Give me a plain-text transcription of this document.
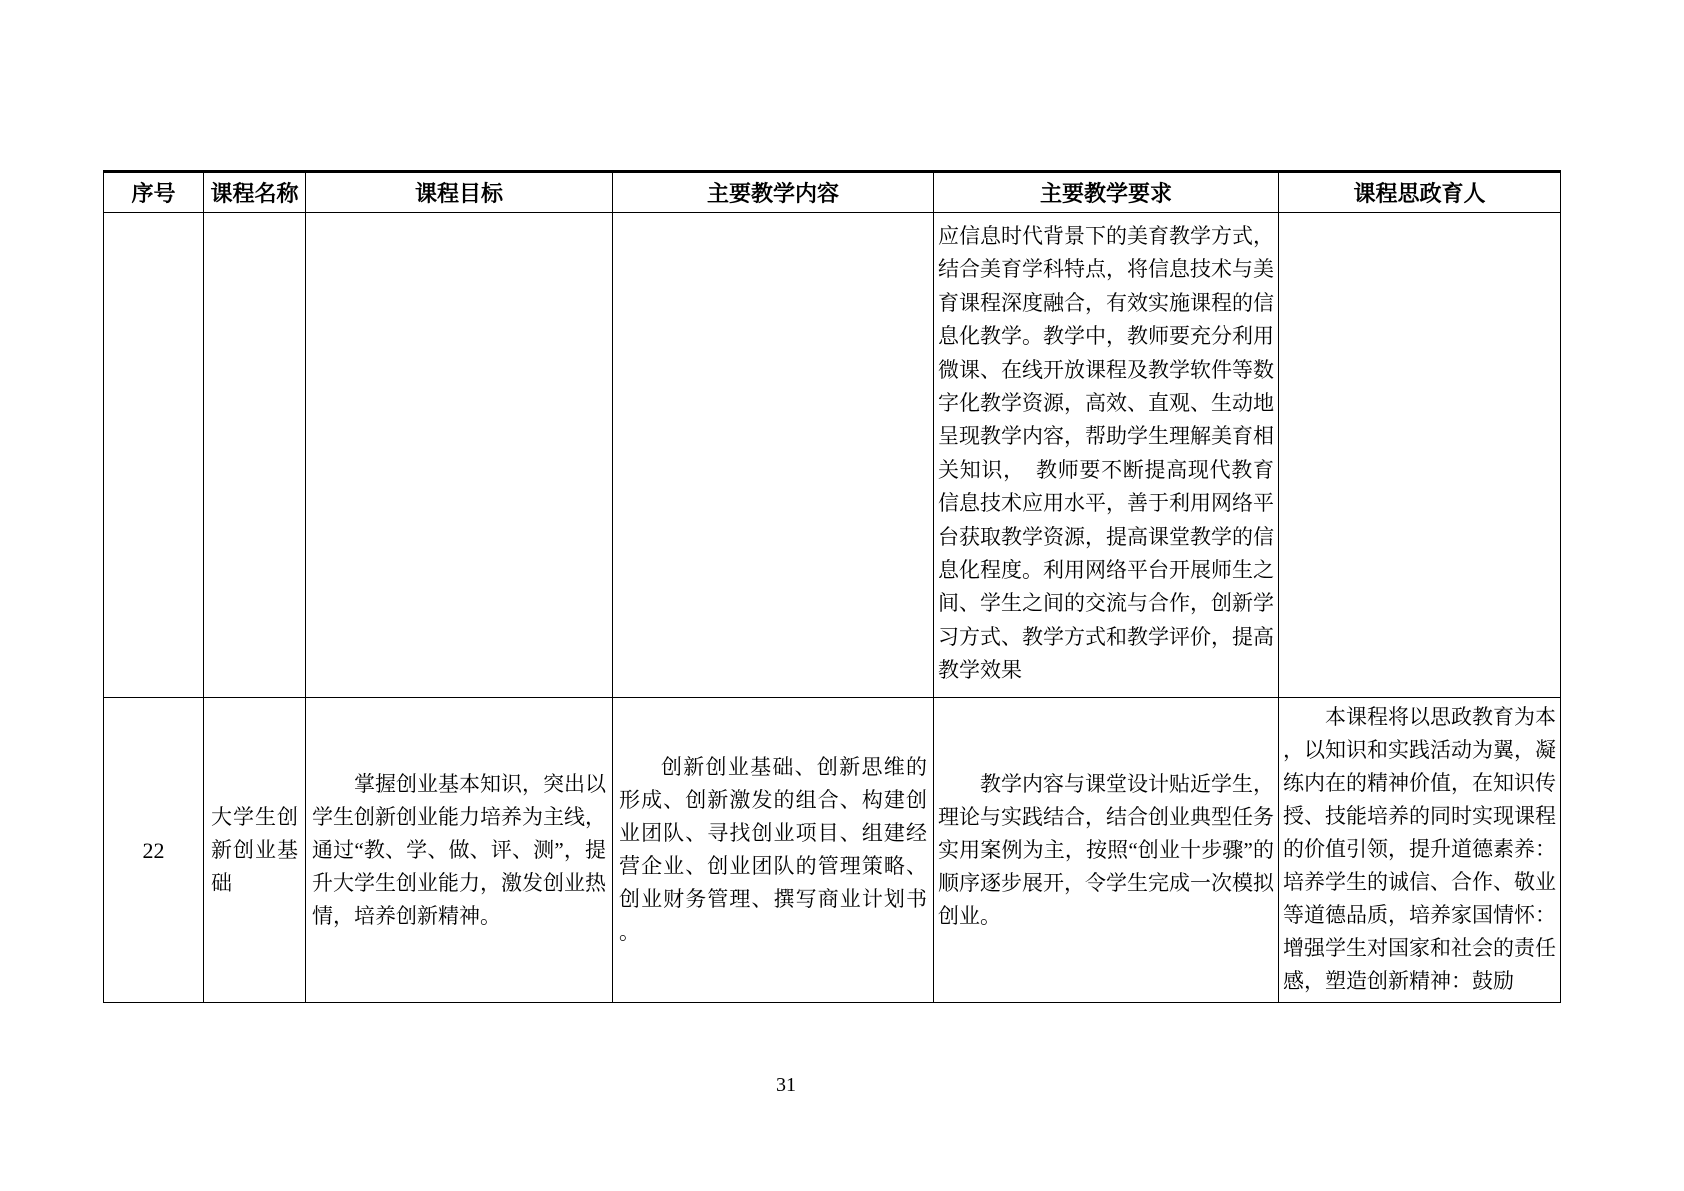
序号	课程名称	课程目标	主要教学内容	主要教学要求	课程思政育人

				应信息时代背景下的美育教学方式，结合美育学科特点，将信息技术与美育课程深度融合，有效实施课程的信息化教学。教学中，教师要充分利用微课、在线开放课程及教学软件等数字化教学资源，高效、直观、生动地呈现教学内容，帮助学生理解美育相关知识，　教师要不断提高现代教育信息技术应用水平，善于利用网络平台获取教学资源，提高课堂教学的信息化程度。利用网络平台开展师生之间、学生之间的交流与合作，创新学习方式、教学方式和教学评价，提高教学效果	

22	大学生创新创业基础	掌握创业基本知识，突出以学生创新创业能力培养为主线，通过“教、学、做、评、测”，提升大学生创业能力，激发创业热情，培养创新精神。	创新创业基础、创新思维的形成、创新激发的组合、构建创业团队、寻找创业项目、组建经营企业、创业团队的管理策略、创业财务管理、撰写商业计划书。	教学内容与课堂设计贴近学生，理论与实践结合，结合创业典型任务实用案例为主，按照“创业十步骤”的顺序逐步展开，令学生完成一次模拟创业。	本课程将以思政教育为本，以知识和实践活动为翼，凝练内在的精神价值，在知识传授、技能培养的同时实现课程的价值引领，提升道德素养：培养学生的诚信、合作、敬业等道德品质，培养家国情怀：增强学生对国家和社会的责任感，塑造创新精神：鼓励
31
